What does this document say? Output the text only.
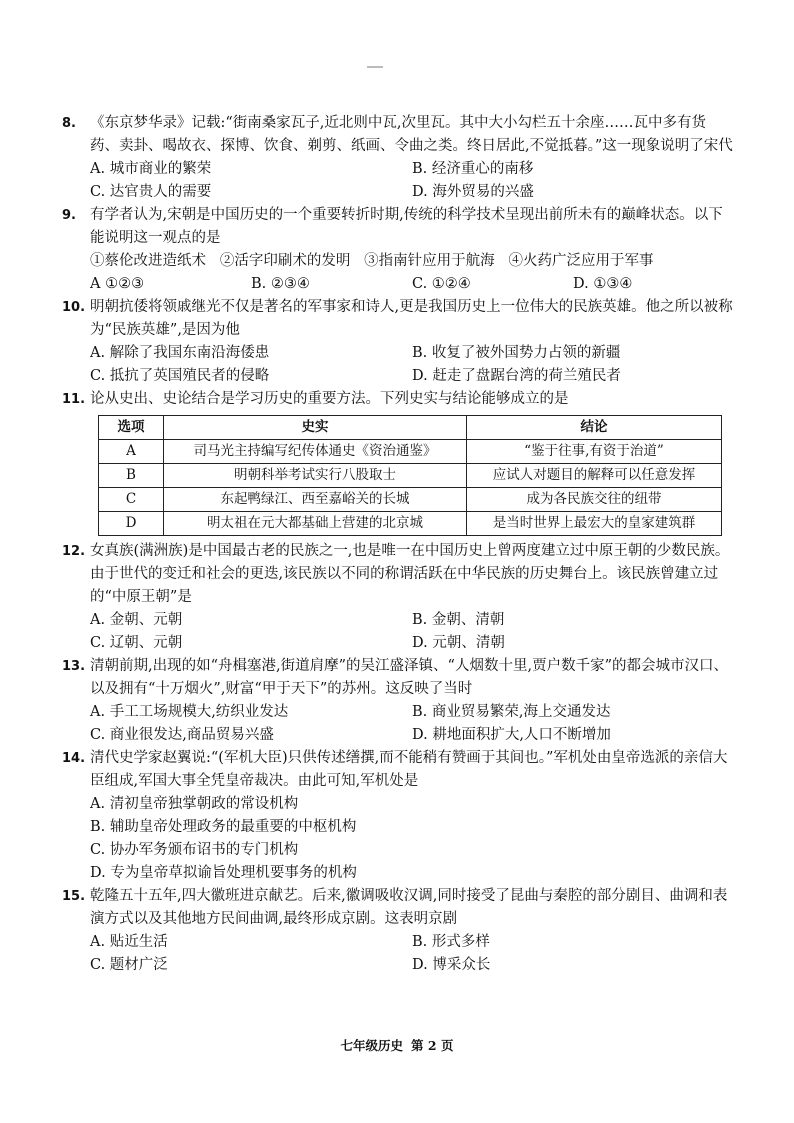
8. 《东京梦华录》记载:“街南桑家瓦子,近北则中瓦,次里瓦。其中大小勾栏五十余座……瓦中多有货药、卖卦、喝故衣、探博、饮食、剃剪、纸画、令曲之类。终日居此,不觉抵暮。”这一现象说明了宋代
A. 城市商业的繁荣	B. 经济重心的南移
C. 达官贵人的需要	D. 海外贸易的兴盛
9. 有学者认为,宋朝是中国历史的一个重要转折时期,传统的科学技术呈现出前所未有的巅峰状态。以下能说明这一观点的是
①蔡伦改进造纸术   ②活字印刷术的发明   ③指南针应用于航海   ④火药广泛应用于军事
A ①②③	B. ②③④	C. ①②④	D. ①③④
10. 明朝抗倭将领戚继光不仅是著名的军事家和诗人,更是我国历史上一位伟大的民族英雄。他之所以被称为“民族英雄”,是因为他
A. 解除了我国东南沿海倭患	B. 收复了被外国势力占领的新疆
C. 抵抗了英国殖民者的侵略	D. 赶走了盘踞台湾的荷兰殖民者
11. 论从史出、史论结合是学习历史的重要方法。下列史实与结论能够成立的是
选项	史实	结论
A	司马光主持编写纪传体通史《资治通鉴》	“鉴于往事,有资于治道”
B	明朝科举考试实行八股取士	应试人对题目的解释可以任意发挥
C	东起鸭绿江、西至嘉峪关的长城	成为各民族交往的纽带
D	明太祖在元大都基础上营建的北京城	是当时世界上最宏大的皇家建筑群
12. 女真族(满洲族)是中国最古老的民族之一,也是唯一在中国历史上曾两度建立过中原王朝的少数民族。由于世代的变迁和社会的更迭,该民族以不同的称谓活跃在中华民族的历史舞台上。该民族曾建立过的“中原王朝”是
A. 金朝、元朝	B. 金朝、清朝
C. 辽朝、元朝	D. 元朝、清朝
13. 清朝前期,出现的如“舟楫塞港,街道肩摩”的吴江盛泽镇、“人烟数十里,贾户数千家”的都会城市汉口、以及拥有“十万烟火”,财富“甲于天下”的苏州。这反映了当时
A. 手工工场规模大,纺织业发达	B. 商业贸易繁荣,海上交通发达
C. 商业很发达,商品贸易兴盛	D. 耕地面积扩大,人口不断增加
14. 清代史学家赵翼说:“(军机大臣)只供传述缮撰,而不能稍有赞画于其间也。”军机处由皇帝选派的亲信大臣组成,军国大事全凭皇帝裁决。由此可知,军机处是
A. 清初皇帝独掌朝政的常设机构
B. 辅助皇帝处理政务的最重要的中枢机构
C. 协办军务颁布诏书的专门机构
D. 专为皇帝草拟谕旨处理机要事务的机构
15. 乾隆五十五年,四大徽班进京献艺。后来,徽调吸收汉调,同时接受了昆曲与秦腔的部分剧目、曲调和表演方式以及其他地方民间曲调,最终形成京剧。这表明京剧
A. 贴近生活	B. 形式多样
C. 题材广泛	D. 博采众长
七年级历史 第 2 页
